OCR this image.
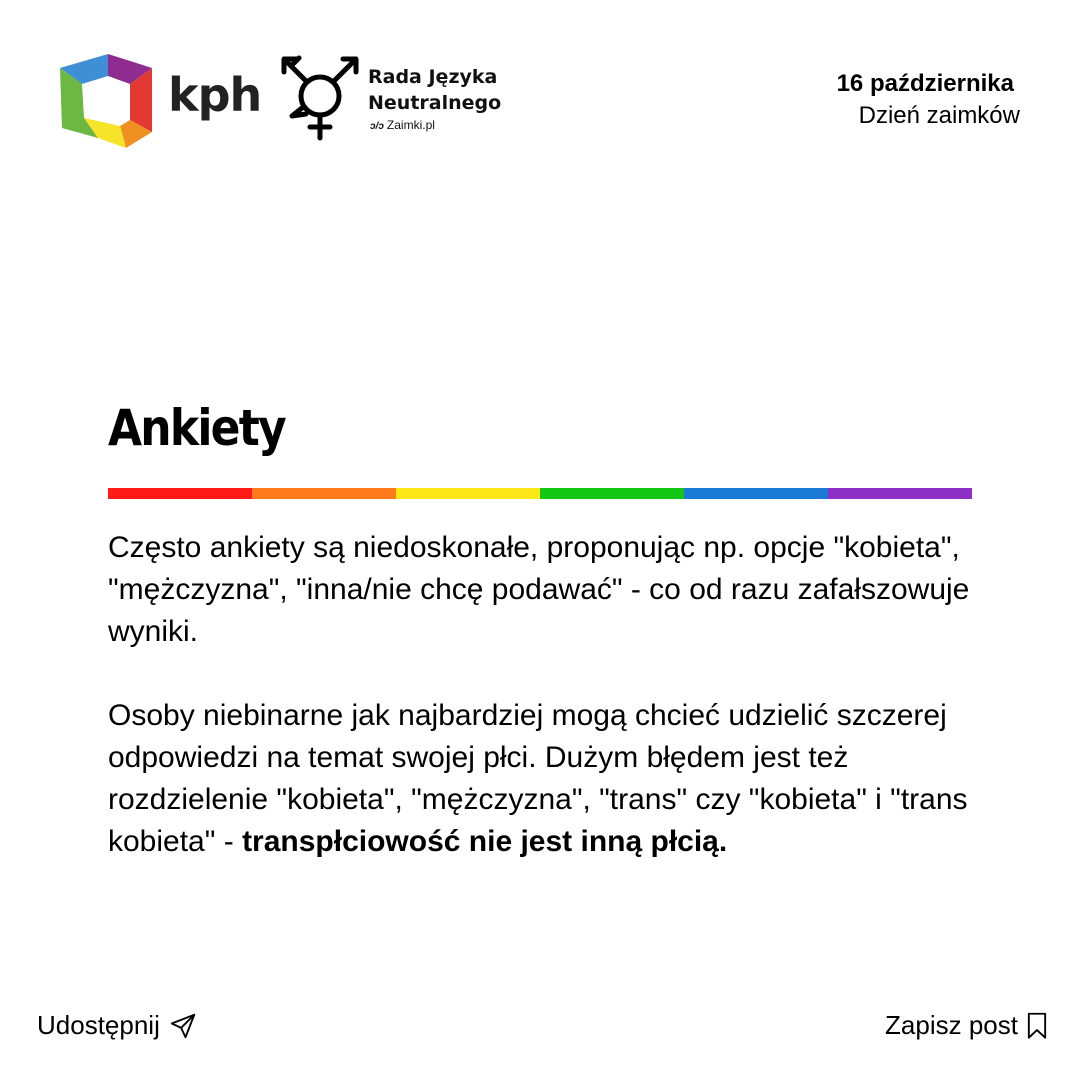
kph	Rada Języka
Neutralnego
ↄ/ɔ Zaimki.pl
16 października
Dzień zaimków
Ankiety

Często ankiety są niedoskonałe, proponując np. opcje "kobieta", "mężczyzna", "inna/nie chcę podawać" - co od razu zafałszowuje wyniki.

Osoby niebinarne jak najbardziej mogą chcieć udzielić szczerej odpowiedzi na temat swojej płci. Dużym błędem jest też rozdzielenie "kobieta", "mężczyzna", "trans" czy "kobieta" i "trans kobieta" - transpłciowość nie jest inną płcią.

Udostępnij	Zapisz post
